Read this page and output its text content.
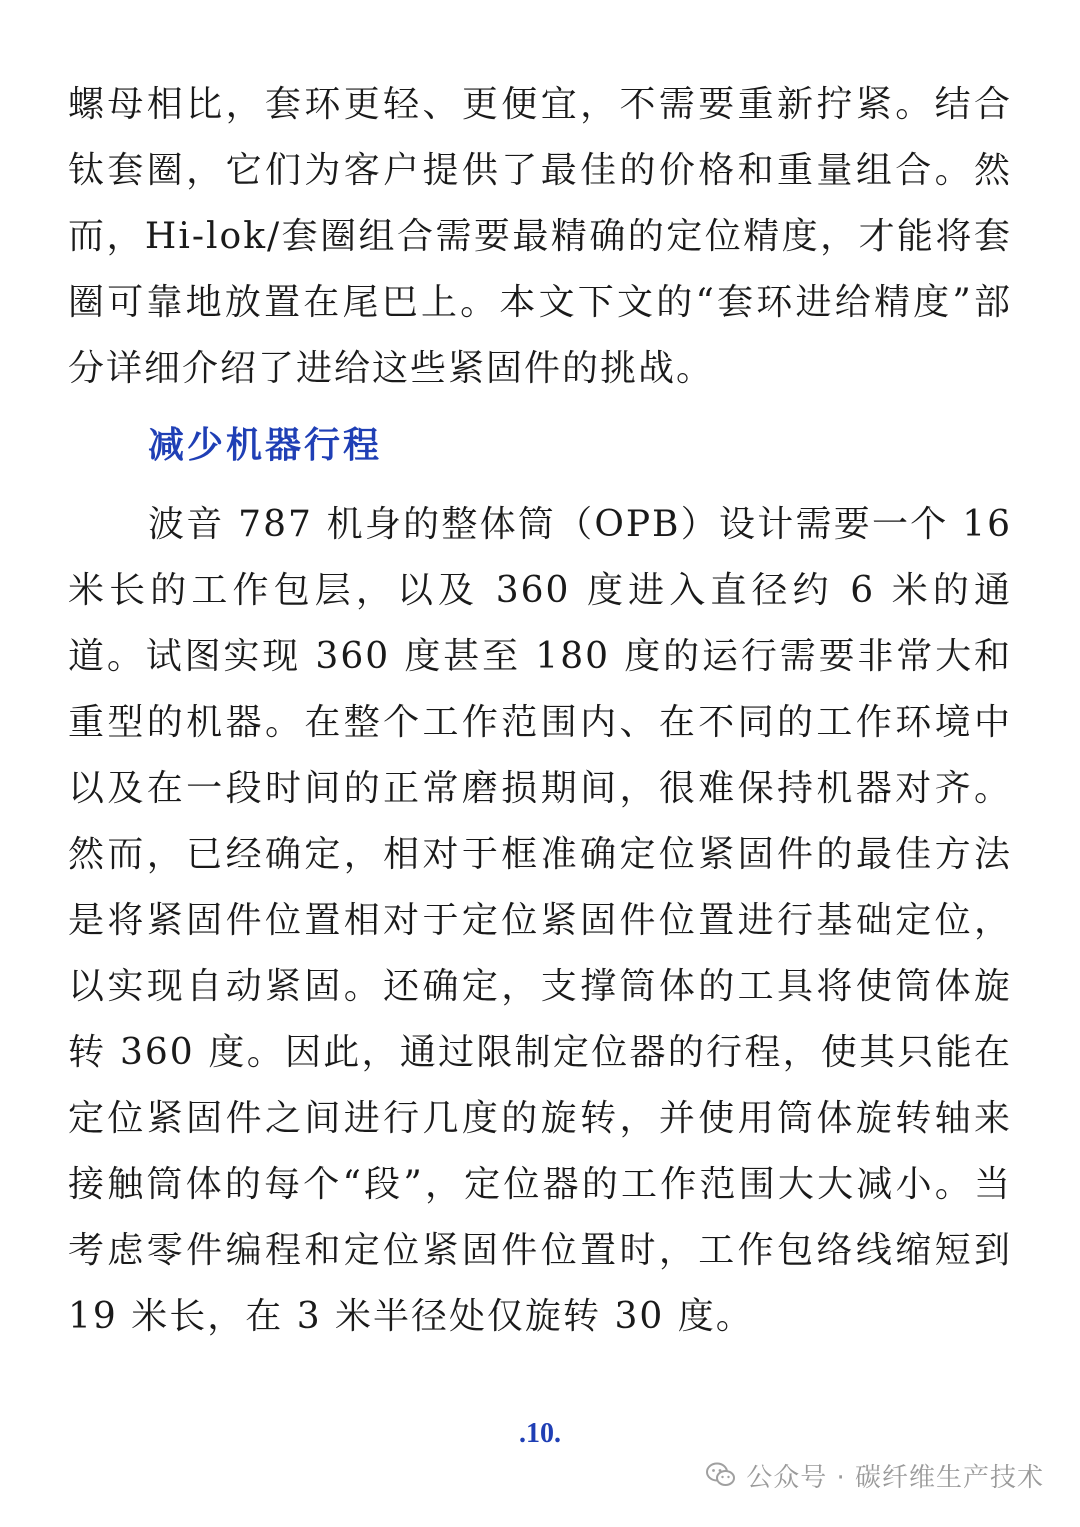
螺母相比，套环更轻、更便宜，不需要重新拧紧。结合钛套圈，它们为客户提供了最佳的价格和重量组合。然而，Hi-lok/套圈组合需要最精确的定位精度，才能将套圈可靠地放置在尾巴上。本文下文的“套环进给精度”部分详细介绍了进给这些紧固件的挑战。

减少机器行程

波音 787 机身的整体筒（OPB）设计需要一个 16 米长的工作包层，以及 360 度进入直径约 6 米的通道。试图实现 360 度甚至 180 度的运行需要非常大和重型的机器。在整个工作范围内、在不同的工作环境中以及在一段时间的正常磨损期间，很难保持机器对齐。然而，已经确定，相对于框准确定位紧固件的最佳方法是将紧固件位置相对于定位紧固件位置进行基础定位，以实现自动紧固。还确定，支撑筒体的工具将使筒体旋转 360 度。因此，通过限制定位器的行程，使其只能在定位紧固件之间进行几度的旋转，并使用筒体旋转轴来接触筒体的每个“段”，定位器的工作范围大大减小。当考虑零件编程和定位紧固件位置时，工作包络线缩短到 19 米长，在 3 米半径处仅旋转 30 度。

.10.
公众号 · 碳纤维生产技术
